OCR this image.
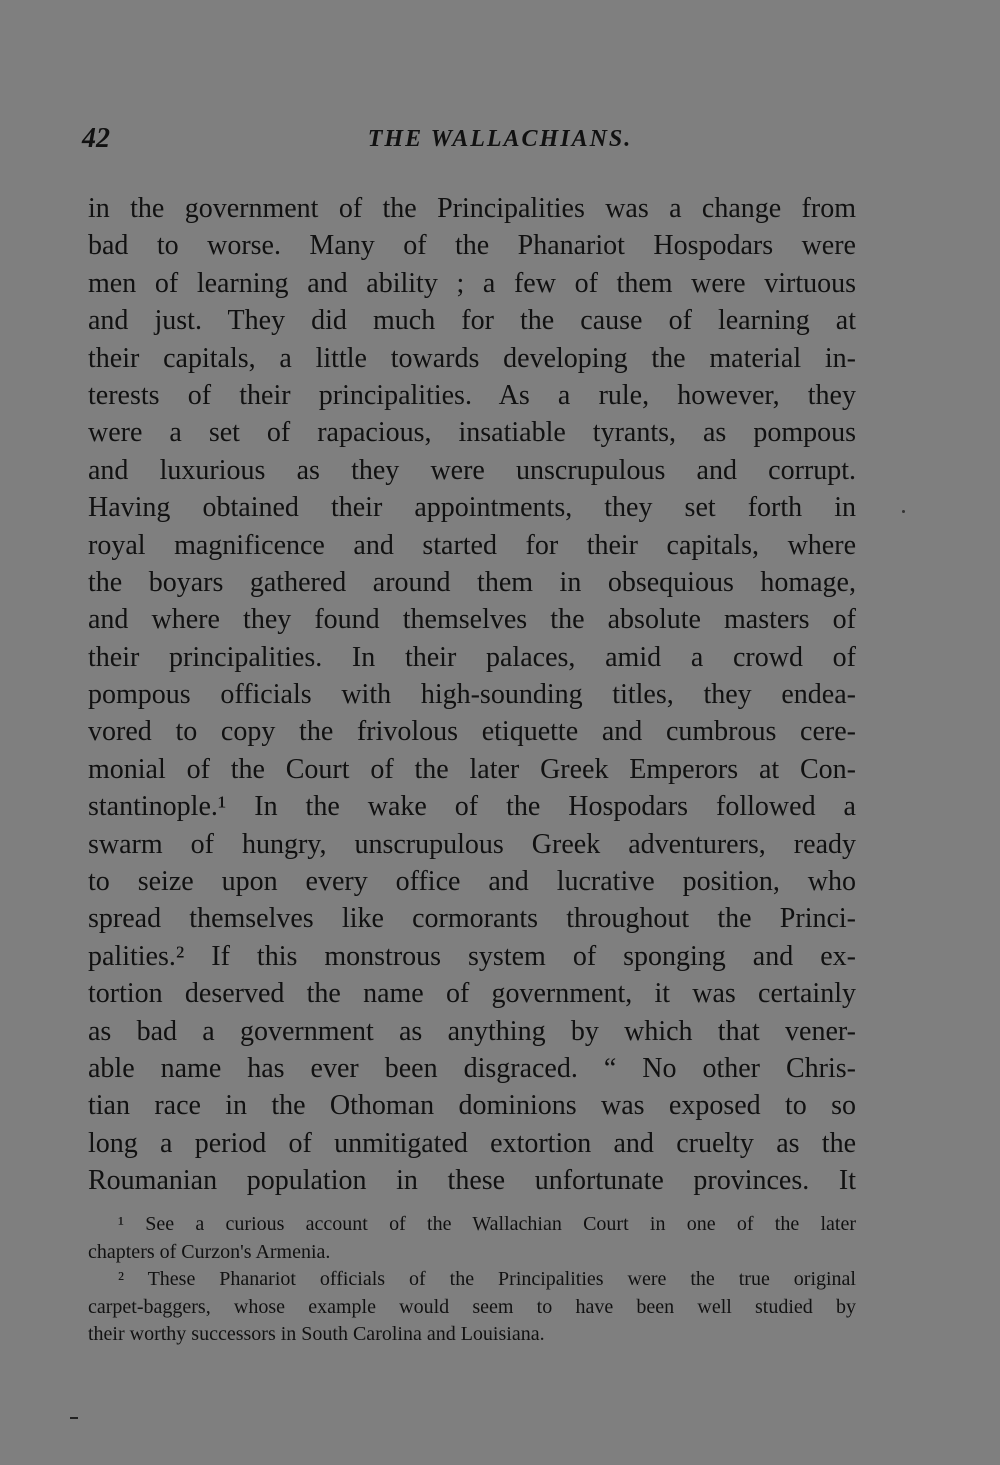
42	THE WALLACHIANS.
in the government of the Principalities was a change from
bad to worse. Many of the Phanariot Hospodars were
men of learning and ability ; a few of them were virtuous
and just. They did much for the cause of learning at
their capitals, a little towards developing the material in-
terests of their principalities. As a rule, however, they
were a set of rapacious, insatiable tyrants, as pompous
and luxurious as they were unscrupulous and corrupt.
Having obtained their appointments, they set forth in
royal magnificence and started for their capitals, where
the boyars gathered around them in obsequious homage,
and where they found themselves the absolute masters of
their principalities. In their palaces, amid a crowd of
pompous officials with high-sounding titles, they endea-
vored to copy the frivolous etiquette and cumbrous cere-
monial of the Court of the later Greek Emperors at Con-
stantinople.¹ In the wake of the Hospodars followed a
swarm of hungry, unscrupulous Greek adventurers, ready
to seize upon every office and lucrative position, who
spread themselves like cormorants throughout the Princi-
palities.² If this monstrous system of sponging and ex-
tortion deserved the name of government, it was certainly
as bad a government as anything by which that vener-
able name has ever been disgraced. “ No other Chris-
tian race in the Othoman dominions was exposed to so
long a period of unmitigated extortion and cruelty as the
Roumanian population in these unfortunate provinces. It
¹ See a curious account of the Wallachian Court in one of the later
chapters of Curzon's Armenia.
² These Phanariot officials of the Principalities were the true original
carpet-baggers, whose example would seem to have been well studied by
their worthy successors in South Carolina and Louisiana.
